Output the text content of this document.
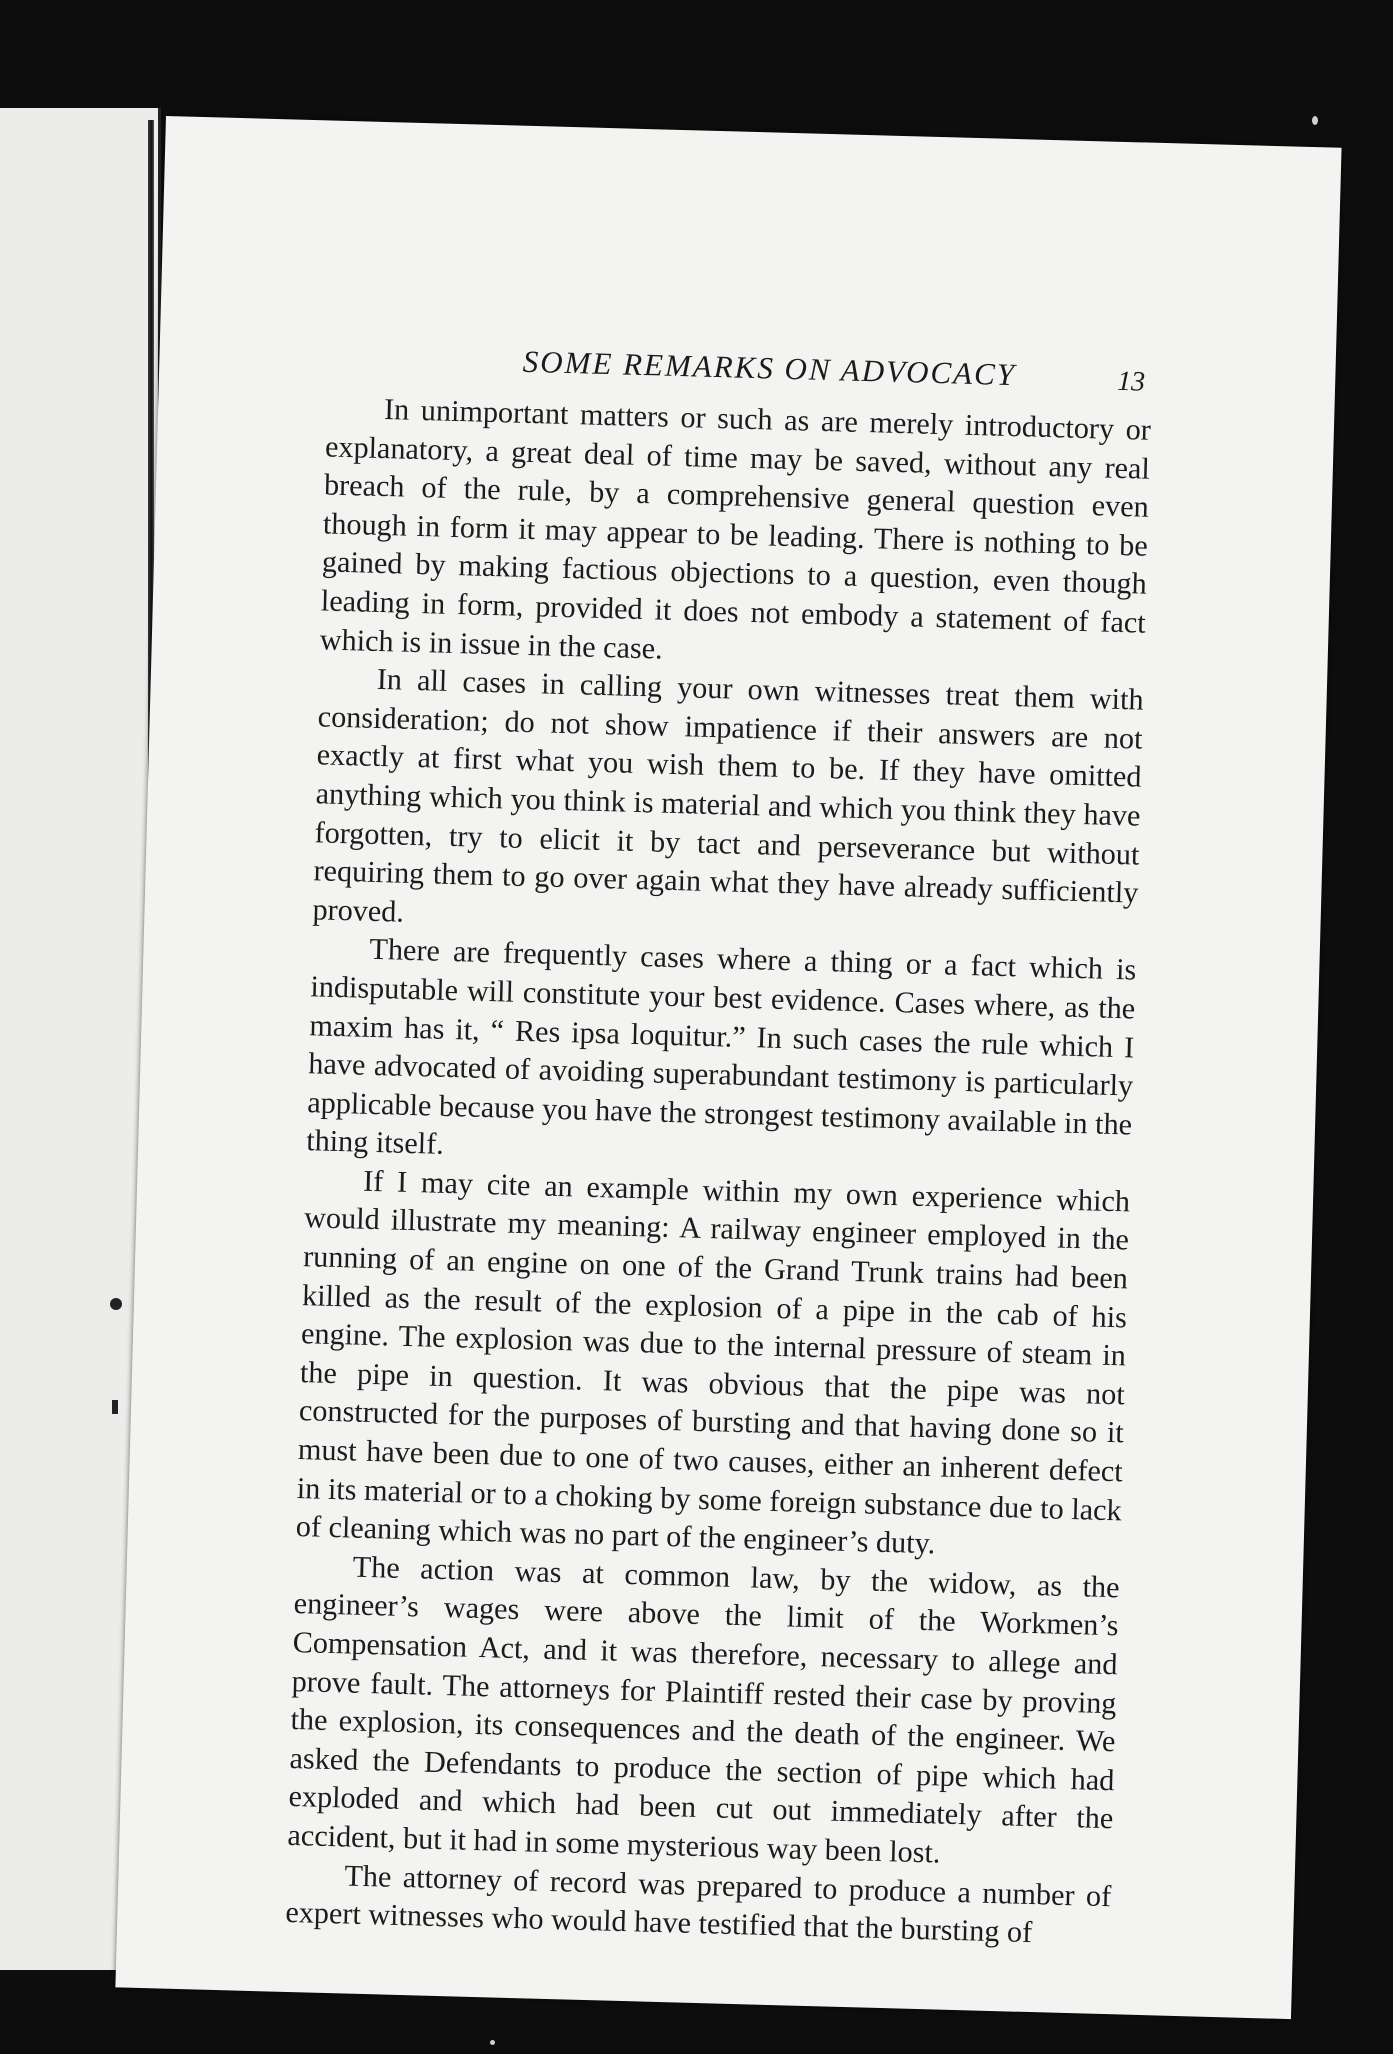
SOME REMARKS ON ADVOCACY	13

In unimportant matters or such as are merely introductory or explanatory, a great deal of time may be saved, without any real breach of the rule, by a comprehensive general question even though in form it may appear to be leading. There is nothing to be gained by making factious objections to a question, even though leading in form, provided it does not embody a statement of fact which is in issue in the case.

In all cases in calling your own witnesses treat them with consideration; do not show impatience if their answers are not exactly at first what you wish them to be. If they have omitted anything which you think is material and which you think they have forgotten, try to elicit it by tact and perseverance but without requiring them to go over again what they have already sufficiently proved.

There are frequently cases where a thing or a fact which is indisputable will constitute your best evidence. Cases where, as the maxim has it, “ Res ipsa loquitur.” In such cases the rule which I have advocated of avoiding superabundant testimony is particularly applicable because you have the strongest testimony available in the thing itself.

If I may cite an example within my own experience which would illustrate my meaning: A railway engineer employed in the running of an engine on one of the Grand Trunk trains had been killed as the result of the explosion of a pipe in the cab of his engine. The explosion was due to the internal pressure of steam in the pipe in question. It was obvious that the pipe was not constructed for the purposes of bursting and that having done so it must have been due to one of two causes, either an inherent defect in its material or to a choking by some foreign substance due to lack of cleaning which was no part of the engineer’s duty.

The action was at common law, by the widow, as the engineer’s wages were above the limit of the Workmen’s Compensation Act, and it was therefore, necessary to allege and prove fault. The attorneys for Plaintiff rested their case by proving the explosion, its consequences and the death of the engineer. We asked the Defendants to produce the section of pipe which had exploded and which had been cut out immediately after the accident, but it had in some mysterious way been lost.

The attorney of record was prepared to produce a number of expert witnesses who would have testified that the bursting of
